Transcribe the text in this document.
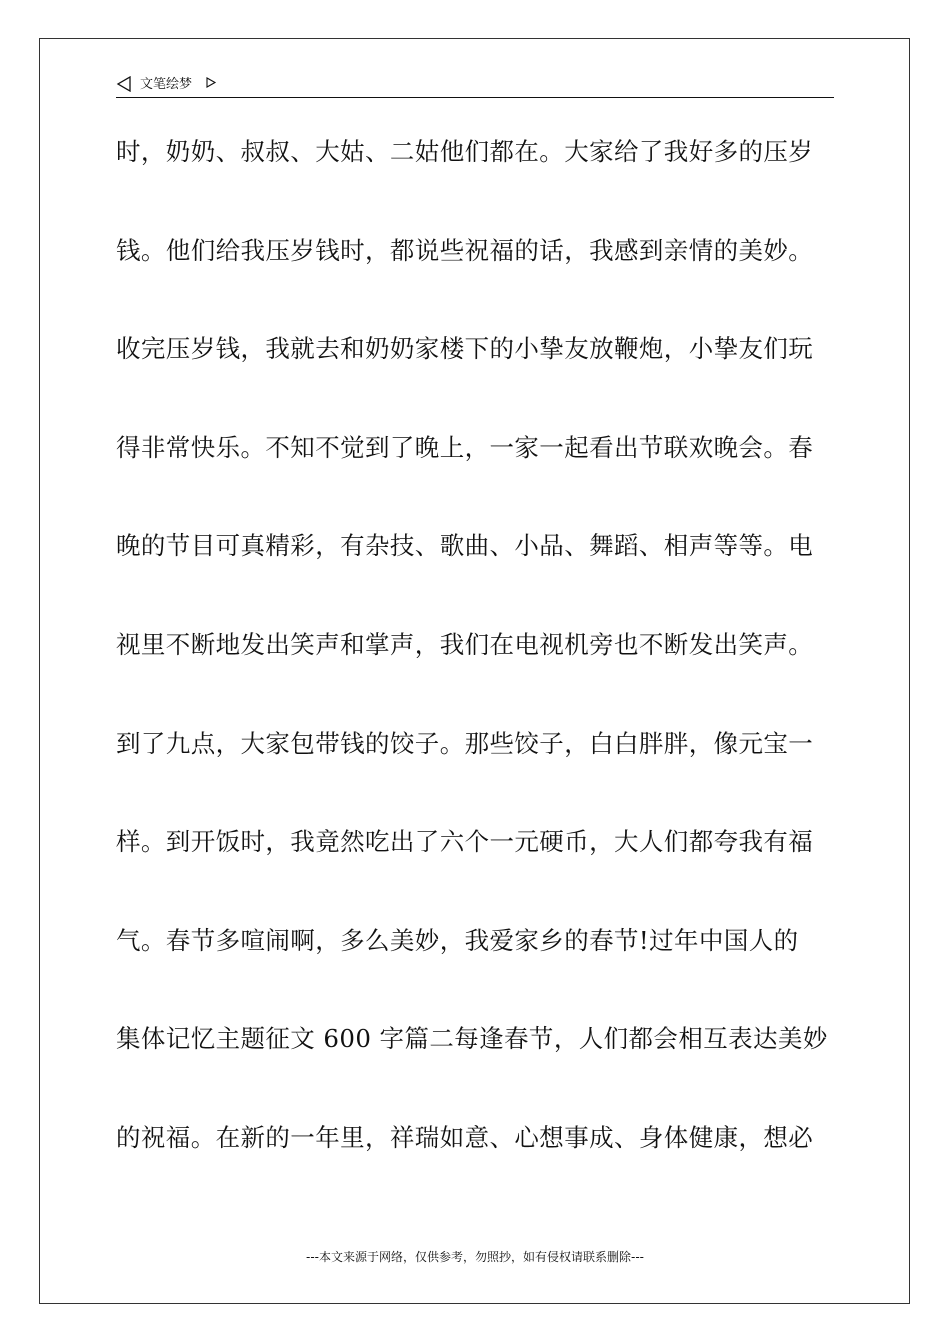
文笔绘梦
时，奶奶、叔叔、大姑、二姑他们都在。大家给了我好多的压岁
钱。他们给我压岁钱时，都说些祝福的话，我感到亲情的美妙。
收完压岁钱，我就去和奶奶家楼下的小挚友放鞭炮，小挚友们玩
得非常快乐。不知不觉到了晚上，一家一起看出节联欢晚会。春
晚的节目可真精彩，有杂技、歌曲、小品、舞蹈、相声等等。电
视里不断地发出笑声和掌声，我们在电视机旁也不断发出笑声。
到了九点，大家包带钱的饺子。那些饺子，白白胖胖，像元宝一
样。到开饭时，我竟然吃出了六个一元硬币，大人们都夸我有福
气。春节多喧闹啊，多么美妙，我爱家乡的春节!过年中国人的
集体记忆主题征文 600 字篇二每逢春节，人们都会相互表达美妙
的祝福。在新的一年里，祥瑞如意、心想事成、身体健康，想必
---本文来源于网络，仅供参考，勿照抄，如有侵权请联系删除---
